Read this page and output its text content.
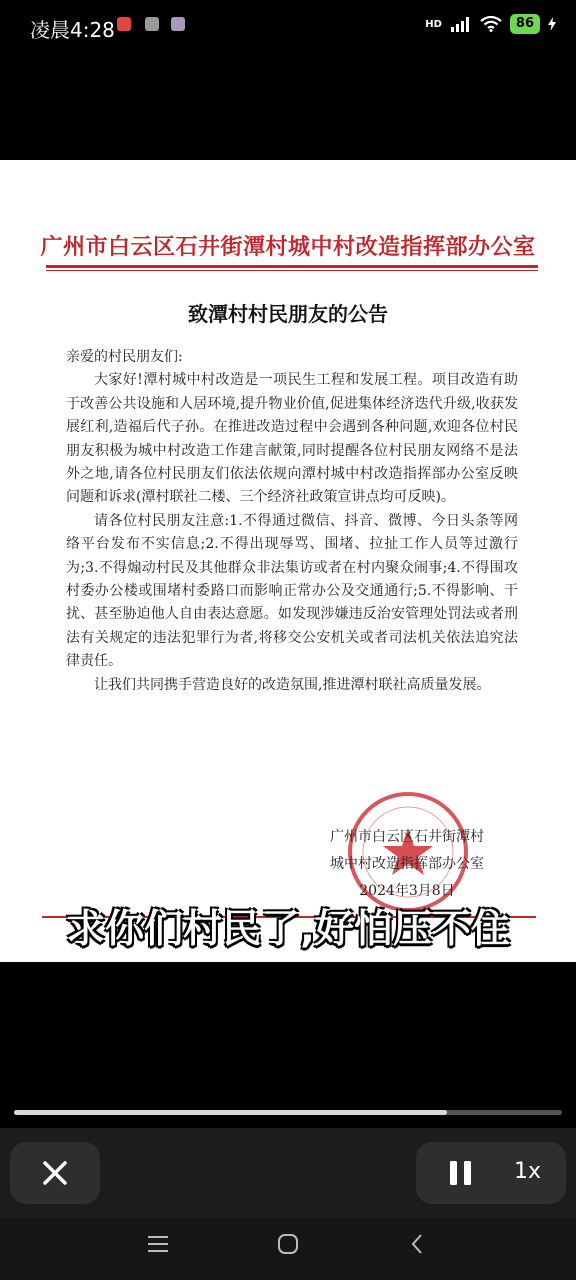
凌晨4:28	HD	86
广州市白云区石井街潭村城中村改造指挥部办公室
致潭村村民朋友的公告

亲爱的村民朋友们:

大家好!潭村城中村改造是一项民生工程和发展工程。项目改造有助于改善公共设施和人居环境,提升物业价值,促进集体经济迭代升级,收获发展红利,造福后代子孙。在推进改造过程中会遇到各种问题,欢迎各位村民朋友积极为城中村改造工作建言献策,同时提醒各位村民朋友网络不是法外之地,请各位村民朋友们依法依规向潭村城中村改造指挥部办公室反映问题和诉求(潭村联社二楼、三个经济社政策宣讲点均可反映)。

请各位村民朋友注意:1.不得通过微信、抖音、微博、今日头条等网络平台发布不实信息;2.不得出现辱骂、围堵、拉扯工作人员等过激行为;3.不得煽动村民及其他群众非法集访或者在村内聚众闹事;4.不得围攻村委办公楼或围堵村委路口而影响正常办公及交通通行;5.不得影响、干扰、甚至胁迫他人自由表达意愿。如发现涉嫌违反治安管理处罚法或者刑法有关规定的违法犯罪行为者,将移交公安机关或者司法机关依法追究法律责任。

让我们共同携手营造良好的改造氛围,推进潭村联社高质量发展。

广州市白云区石井街潭村
城中村改造指挥部办公室
2024年3月8日
求你们村民了,好怕压不住
1x
